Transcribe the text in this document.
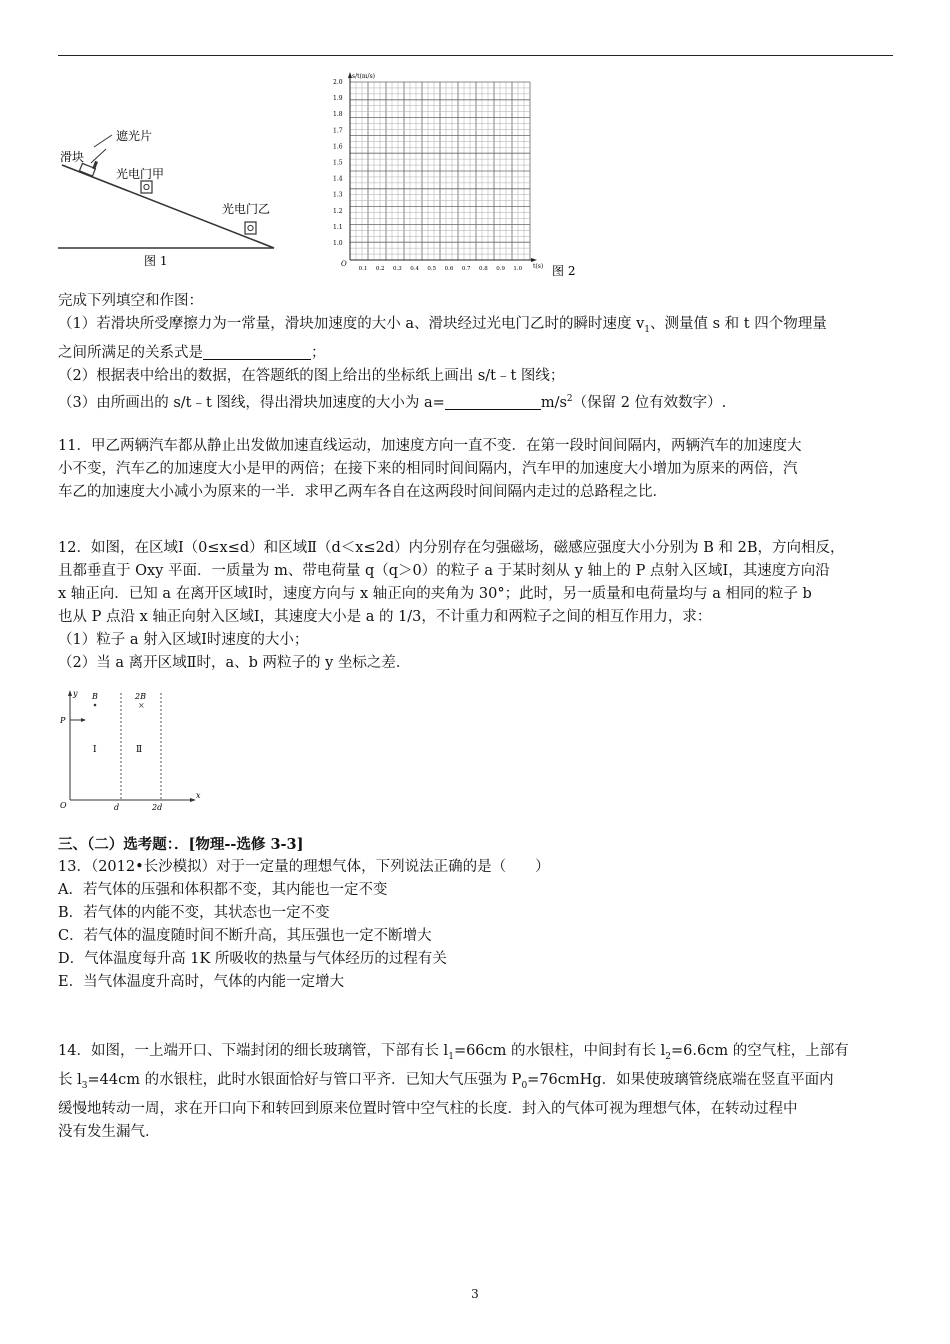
遮光片
滑块
光电门甲
光电门乙
图 1
s/t(m/s)
t(s)
O
2.0
1.9
1.8
1.7
1.6
1.5
1.4
1.3
1.2
1.1
1.0
0.1 0.2 0.3 0.4 0.5 0.6 0.7 0.8 0.9 1.0 图 2
完成下列填空和作图：
（1）若滑块所受摩擦力为一常量，滑块加速度的大小 a、滑块经过光电门乙时的瞬时速度 $v_1$、测量值 s 和 t 四个物理量
之间所满足的关系式是	；
（2）根据表中给出的数据，在答题纸的图上给出的坐标纸上画出 s/t﹣t 图线；
（3）由所画出的 s/t﹣t 图线，得出滑块加速度的大小为 a=	$m/s^2$（保留 2 位有效数字）.
11．甲乙两辆汽车都从静止出发做加速直线运动，加速度方向一直不变．在第一段时间间隔内，两辆汽车的加速度大
小不变，汽车乙的加速度大小是甲的两倍；在接下来的相同时间间隔内，汽车甲的加速度大小增加为原来的两倍，汽
车乙的加速度大小减小为原来的一半．求甲乙两车各自在这两段时间间隔内走过的总路程之比．
12．如图，在区域Ⅰ（0≤x≤d）和区域Ⅱ（d＜x≤2d）内分别存在匀强磁场，磁感应强度大小分别为 B 和 2B，方向相反，
且都垂直于 Oxy 平面．一质量为 m、带电荷量 q（q＞0）的粒子 a 于某时刻从 y 轴上的 P 点射入区域Ⅰ，其速度方向沿
x 轴正向．已知 a 在离开区域Ⅰ时，速度方向与 x 轴正向的夹角为 30°；此时，另一质量和电荷量均与 a 相同的粒子 b
也从 P 点沿 x 轴正向射入区域Ⅰ，其速度大小是 a 的 1/3，不计重力和两粒子之间的相互作用力，求：
（1）粒子 a 射入区域Ⅰ时速度的大小；
（2）当 a 离开区域Ⅱ时，a、b 两粒子的 y 坐标之差．
y
x
O
P
B	2B
×
Ⅰ	Ⅱ
d	2d
三、（二）选考题：．[物理--选修 3-3]
13．（2012•长沙模拟）对于一定量的理想气体，下列说法正确的是（　　）
A．若气体的压强和体积都不变，其内能也一定不变
B．若气体的内能不变，其状态也一定不变
C．若气体的温度随时间不断升高，其压强也一定不断增大
D．气体温度每升高 1K 所吸收的热量与气体经历的过程有关
E．当气体温度升高时，气体的内能一定增大
14．如图，一上端开口、下端封闭的细长玻璃管，下部有长 $l_1=66cm$ 的水银柱，中间封有长 $l_2=6.6cm$ 的空气柱，上部有
长 $l_3=44cm$ 的水银柱，此时水银面恰好与管口平齐．已知大气压强为 $P_0=76cmHg$．如果使玻璃管绕底端在竖直平面内
缓慢地转动一周，求在开口向下和转回到原来位置时管中空气柱的长度．封入的气体可视为理想气体，在转动过程中
没有发生漏气．
3
